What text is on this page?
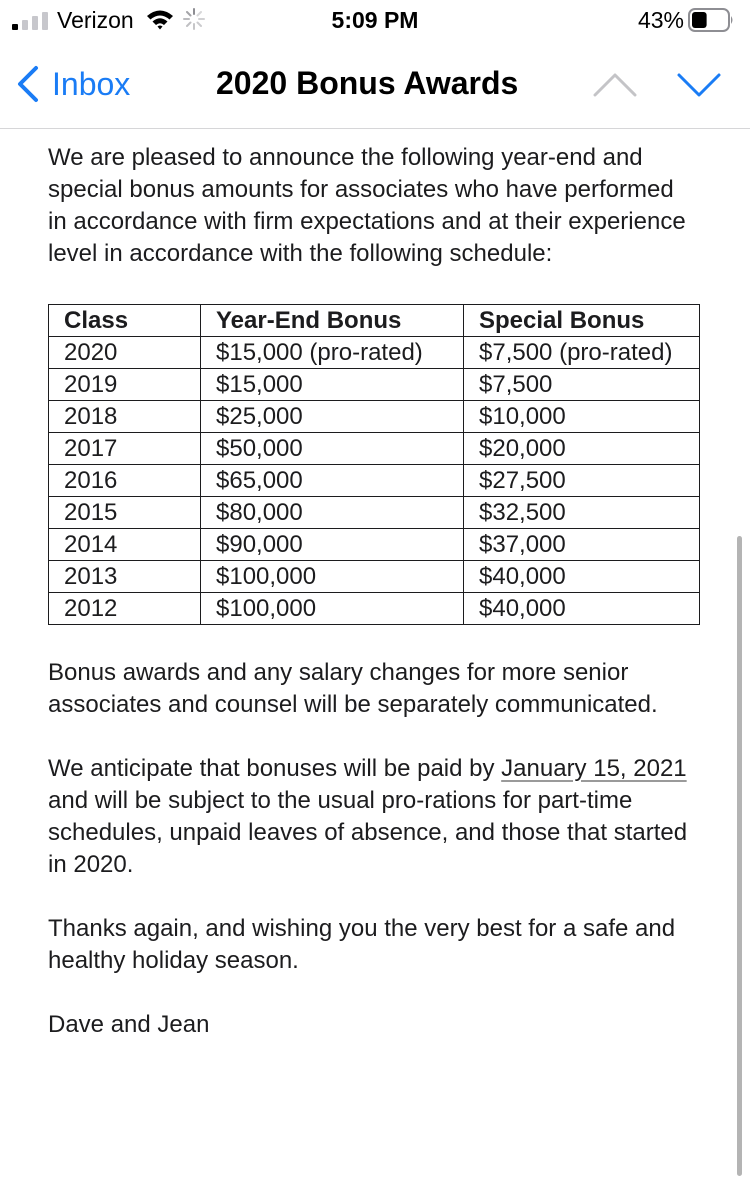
Verizon	5:09 PM	43%
Inbox	2020 Bonus Awards

We are pleased to announce the following year-end and special bonus amounts for associates who have performed in accordance with firm expectations and at their experience level in accordance with the following schedule:

Class	Year-End Bonus	Special Bonus
2020	$15,000 (pro-rated)	$7,500 (pro-rated)
2019	$15,000	$7,500
2018	$25,000	$10,000
2017	$50,000	$20,000
2016	$65,000	$27,500
2015	$80,000	$32,500
2014	$90,000	$37,000
2013	$100,000	$40,000
2012	$100,000	$40,000

Bonus awards and any salary changes for more senior associates and counsel will be separately communicated.

We anticipate that bonuses will be paid by January 15, 2021 and will be subject to the usual pro-rations for part-time schedules, unpaid leaves of absence, and those that started in 2020.

Thanks again, and wishing you the very best for a safe and healthy holiday season.

Dave and Jean
